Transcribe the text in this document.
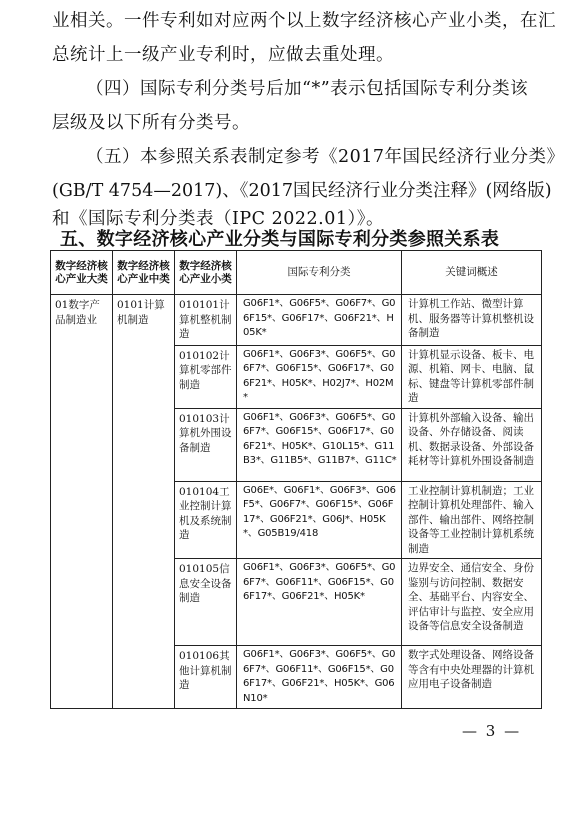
业相关。一件专利如对应两个以上数字经济核心产业小类，在汇
总统计上一级产业专利时，应做去重处理。
（四）国际专利分类号后加“*”表示包括国际专利分类该
层级及以下所有分类号。
（五）本参照关系表制定参考《2017年国民经济行业分类》
(GB/T 4754—2017)、《2017国民经济行业分类注释》(网络版)
和《国际专利分类表（IPC 2022.01）》。
五、数字经济核心产业分类与国际专利分类参照关系表
数字经济核心产业大类	数字经济核心产业中类	数字经济核心产业小类	国际专利分类	关键词概述
01数字产品制造业	0101计算机制造	010101计算机整机制造	G06F1*、G06F5*、G06F7*、G06F15*、G06F17*、G06F21*、H05K*	计算机工作站、微型计算机、服务器等计算机整机设备制造
		010102计算机零部件制造	G06F1*、G06F3*、G06F5*、G06F7*、G06F15*、G06F17*、G06F21*、H05K*、H02J7*、H02M*	计算机显示设备、板卡、电源、机箱、网卡、电脑、鼠标、键盘等计算机零部件制造
		010103计算机外围设备制造	G06F1*、G06F3*、G06F5*、G06F7*、G06F15*、G06F17*、G06F21*、H05K*、G10L15*、G11B3*、G11B5*、G11B7*、G11C*	计算机外部输入设备、输出设备、外存储设备、阅读机、数据录设备、外部设备耗材等计算机外围设备制造
		010104工业控制计算机及系统制造	G06E*、G06F1*、G06F3*、G06F5*、G06F7*、G06F15*、G06F17*、G06F21*、G06J*、H05K*、G05B19/418	工业控制计算机制造；工业控制计算机处理部件、输入部件、输出部件、网络控制设备等工业控制计算机系统制造
		010105信息安全设备制造	G06F1*、G06F3*、G06F5*、G06F7*、G06F11*、G06F15*、G06F17*、G06F21*、H05K*	边界安全、通信安全、身份鉴别与访问控制、数据安全、基础平台、内容安全、评估审计与监控、安全应用设备等信息安全设备制造
		010106其他计算机制造	G06F1*、G06F3*、G06F5*、G06F7*、G06F11*、G06F15*、G06F17*、G06F21*、H05K*、G06N10*	数字式处理设备、网络设备等含有中央处理器的计算机应用电子设备制造
— 3 —
